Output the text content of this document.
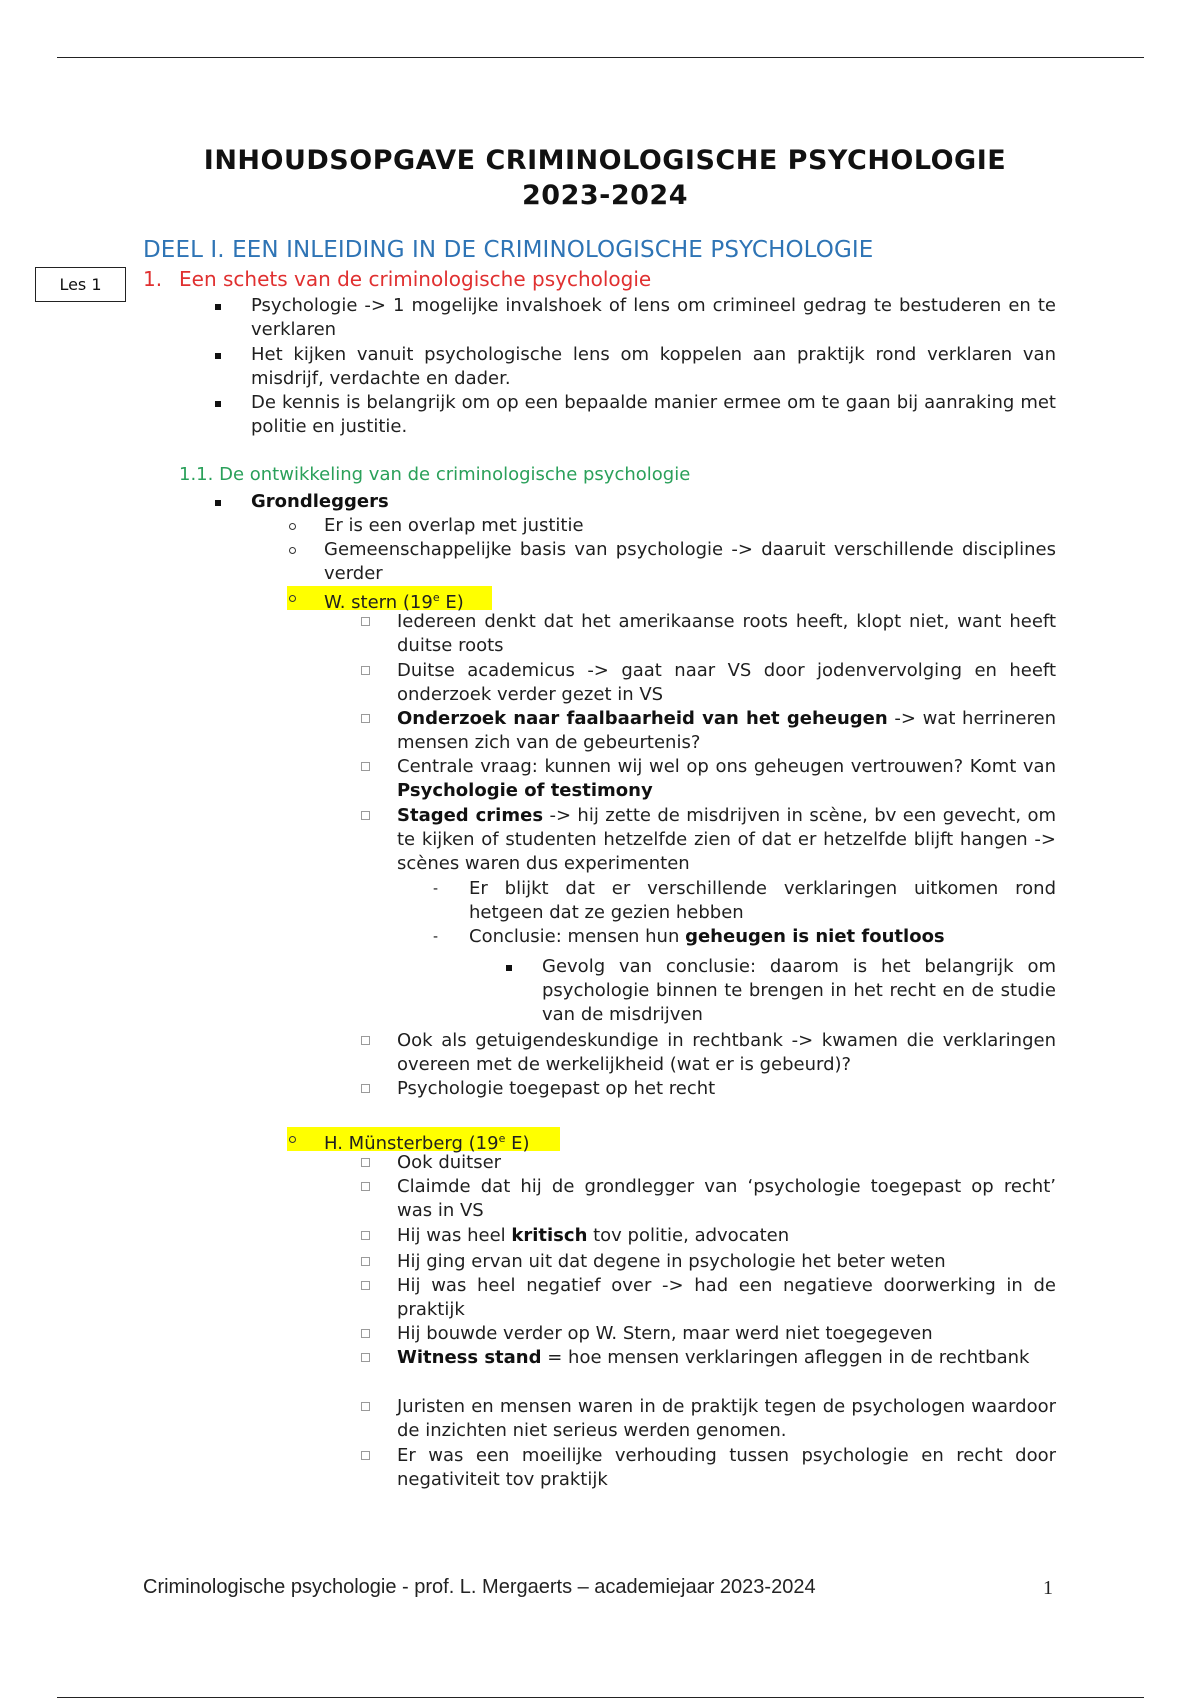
INHOUDSOPGAVE CRIMINOLOGISCHE PSYCHOLOGIE
2023-2024
Les 1
DEEL I. EEN INLEIDING IN DE CRIMINOLOGISCHE PSYCHOLOGIE
1. Een schets van de criminologische psychologie
Psychologie -> 1 mogelijke invalshoek of lens om crimineel gedrag te bestuderen en te verklaren
Het kijken vanuit psychologische lens om koppelen aan praktijk rond verklaren van misdrijf, verdachte en dader.
De kennis is belangrijk om op een bepaalde manier ermee om te gaan bij aanraking met politie en justitie.
1.1. De ontwikkeling van de criminologische psychologie
Grondleggers
Er is een overlap met justitie
Gemeenschappelijke basis van psychologie -> daaruit verschillende disciplines verder
W. stern (19e E)
Iedereen denkt dat het amerikaanse roots heeft, klopt niet, want heeft duitse roots
Duitse academicus -> gaat naar VS door jodenvervolging en heeft onderzoek verder gezet in VS
Onderzoek naar faalbaarheid van het geheugen -> wat herrineren mensen zich van de gebeurtenis?
Centrale vraag: kunnen wij wel op ons geheugen vertrouwen? Komt van Psychologie of testimony
Staged crimes -> hij zette de misdrijven in scène, bv een gevecht, om te kijken of studenten hetzelfde zien of dat er hetzelfde blijft hangen -> scènes waren dus experimenten
- Er blijkt dat er verschillende verklaringen uitkomen rond hetgeen dat ze gezien hebben
- Conclusie: mensen hun geheugen is niet foutloos
Gevolg van conclusie: daarom is het belangrijk om psychologie binnen te brengen in het recht en de studie van de misdrijven
Ook als getuigendeskundige in rechtbank -> kwamen die verklaringen overeen met de werkelijkheid (wat er is gebeurd)?
Psychologie toegepast op het recht
H. Münsterberg (19e E)
Ook duitser
Claimde dat hij de grondlegger van ‘psychologie toegepast op recht’ was in VS
Hij was heel kritisch tov politie, advocaten
Hij ging ervan uit dat degene in psychologie het beter weten
Hij was heel negatief over -> had een negatieve doorwerking in de praktijk
Hij bouwde verder op W. Stern, maar werd niet toegegeven
Witness stand = hoe mensen verklaringen afleggen in de rechtbank
Juristen en mensen waren in de praktijk tegen de psychologen waardoor de inzichten niet serieus werden genomen.
Er was een moeilijke verhouding tussen psychologie en recht door negativiteit tov praktijk
Criminologische psychologie - prof. L. Mergaerts – academiejaar 2023-2024	1
